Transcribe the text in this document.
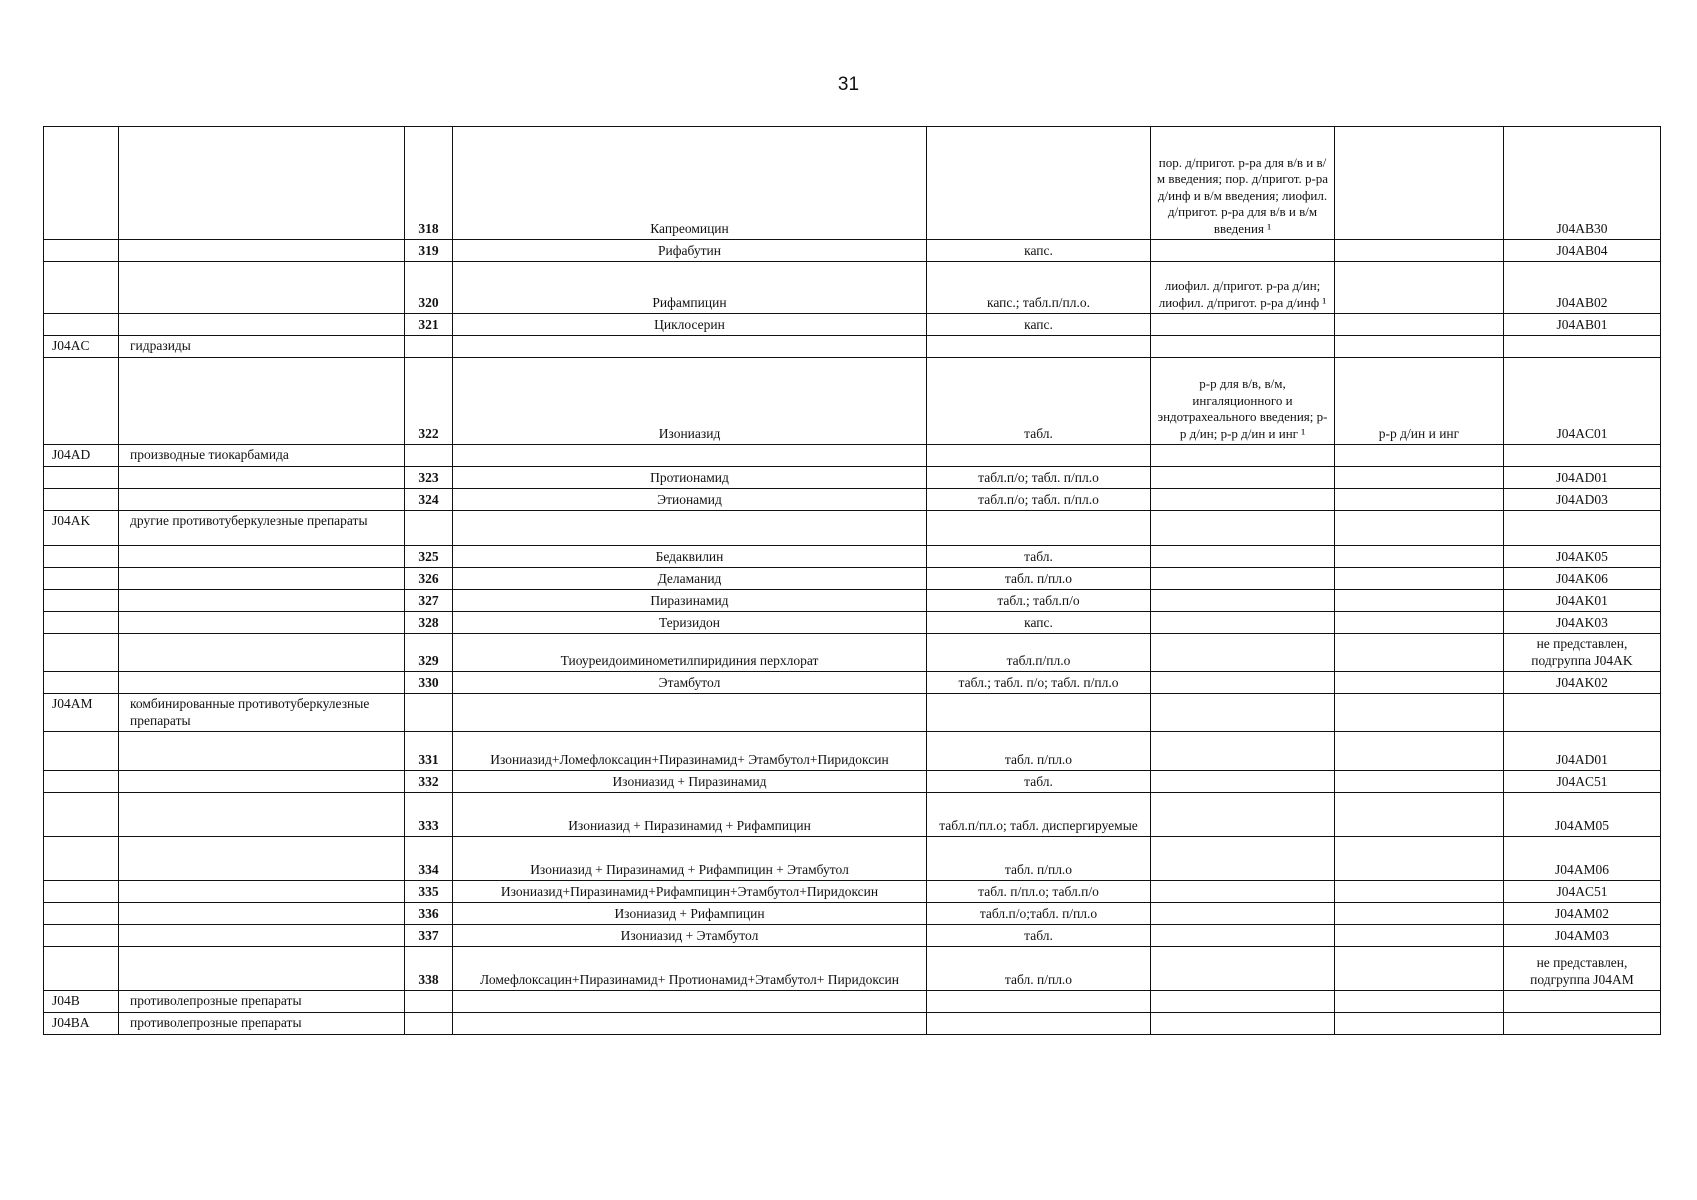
31
		318	Капреомицин		пор. д/пригот. р-ра для в/в и в/м введения; пор. д/пригот. р-ра д/инф и в/м введения; лиофил. д/пригот. р-ра для в/в и в/м введения ¹		J04AB30
		319	Рифабутин	капс.			J04AB04
		320	Рифампицин	капс.; табл.п/пл.о.	лиофил. д/пригот. р-ра д/ин; лиофил. д/пригот. р-ра д/инф ¹		J04AB02
		321	Циклосерин	капс.			J04AB01
J04AC	гидразиды						
		322	Изониазид	табл.	р-р для в/в, в/м, ингаляционного и эндотрахеального введения; р-р д/ин; р-р д/ин и инг ¹	р-р д/ин и инг	J04AC01
J04AD	производные тиокарбамида						
		323	Протионамид	табл.п/о; табл. п/пл.о			J04AD01
		324	Этионамид	табл.п/о; табл. п/пл.о			J04AD03
J04AK	другие противотуберкулезные препараты						
		325	Бедаквилин	табл.			J04AK05
		326	Деламанид	табл. п/пл.о			J04AK06
		327	Пиразинамид	табл.; табл.п/о			J04AK01
		328	Теризидон	капс.			J04AK03
		329	Тиоуреидоиминометилпиридиния перхлорат	табл.п/пл.о			не представлен, подгруппа J04AK
		330	Этамбутол	табл.; табл. п/о; табл. п/пл.о			J04AK02
J04AM	комбинированные противотуберкулезные препараты						
		331	Изониазид+Ломефлоксацин+Пиразинамид+ Этамбутол+Пиридоксин	табл. п/пл.о			J04AD01
		332	Изониазид + Пиразинамид	табл.			J04AC51
		333	Изониазид + Пиразинамид + Рифампицин	табл.п/пл.о; табл. диспергируемые			J04AM05
		334	Изониазид + Пиразинамид + Рифампицин + Этамбутол	табл. п/пл.о			J04AM06
		335	Изониазид+Пиразинамид+Рифампицин+Этамбутол+Пиридоксин	табл. п/пл.о; табл.п/о			J04AC51
		336	Изониазид + Рифампицин	табл.п/о;табл. п/пл.о			J04AM02
		337	Изониазид + Этамбутол	табл.			J04AM03
		338	Ломефлоксацин+Пиразинамид+ Протионамид+Этамбутол+ Пиридоксин	табл. п/пл.о			не представлен, подгруппа J04AM
J04B	противолепрозные препараты						
J04BA	противолепрозные препараты						
